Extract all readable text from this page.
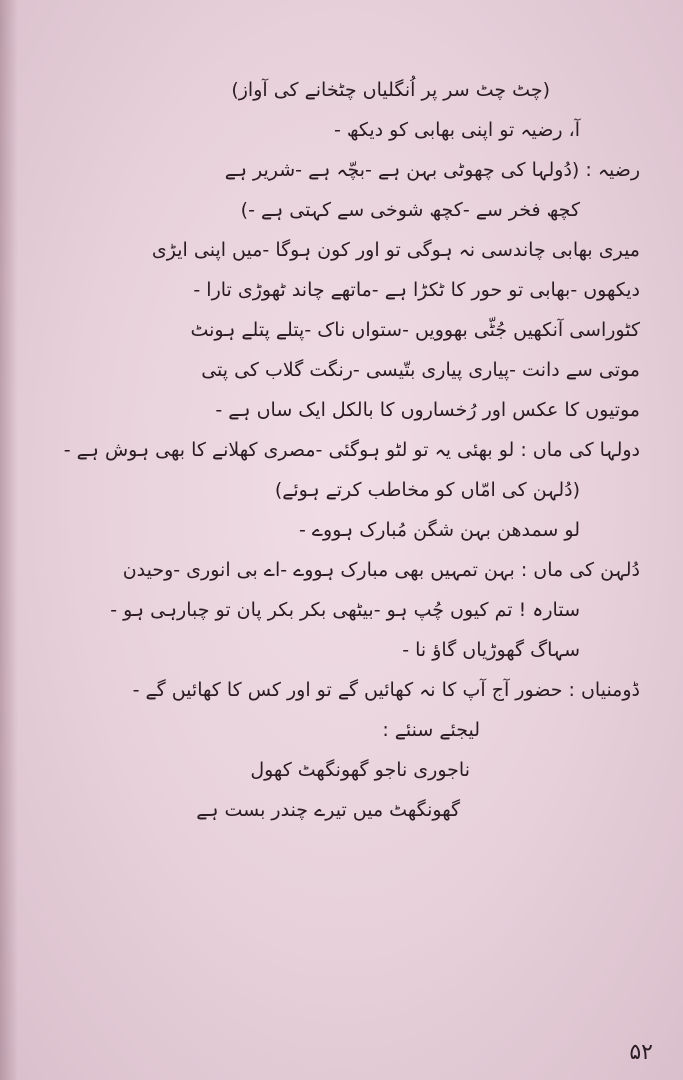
(چٹ چٹ سر پر اُنگلیاں چٹخانے کی آواز)
آ، رضیہ تو اپنی بھابی کو دیکھ -
رضیہ : (دُولہا کی چھوٹی بہن ہے -بچّہ ہے -شریر ہے
کچھ فخر سے -کچھ شوخی سے کہتی ہے -)
میری بھابی چاندسی نہ ہوگی تو اور کون ہوگا -میں اپنی ایڑی
دیکھوں -بھابی تو حور کا ٹکڑا ہے -ماتھے چاند ٹھوڑی تارا -
کٹوراسی آنکھیں جُٹّی بھوویں -ستواں ناک -پتلے پتلے ہونٹ
موتی سے دانت -پیاری پیاری بتّیسی -رنگت گلاب کی پتی
موتیوں کا عکس اور رُخساروں کا بالکل ایک ساں ہے -
دولہا کی ماں : لو بھئی یہ تو لٹو ہوگئی -مصری کھلانے کا بھی ہوش ہے -
(دُلہن کی امّاں کو مخاطب کرتے ہوئے)
لو سمدھن بہن شگن مُبارک ہووے -
دُلہن کی ماں : بہن تمہیں بھی مبارک ہووے -اے بی انوری -وحیدن
ستارہ ! تم کیوں چُپ ہو -بیٹھی بکر بکر پان تو چبارہی ہو -
سہاگ گھوڑیاں گاؤ نا -
ڈومنیاں : حضور آج آپ کا نہ کھائیں گے تو اور کس کا کھائیں گے -
لیجئے سنئے :
ناجوری ناجو گھونگھٹ کھول
گھونگھٹ میں تیرے چندر بست ہے
۵۲
